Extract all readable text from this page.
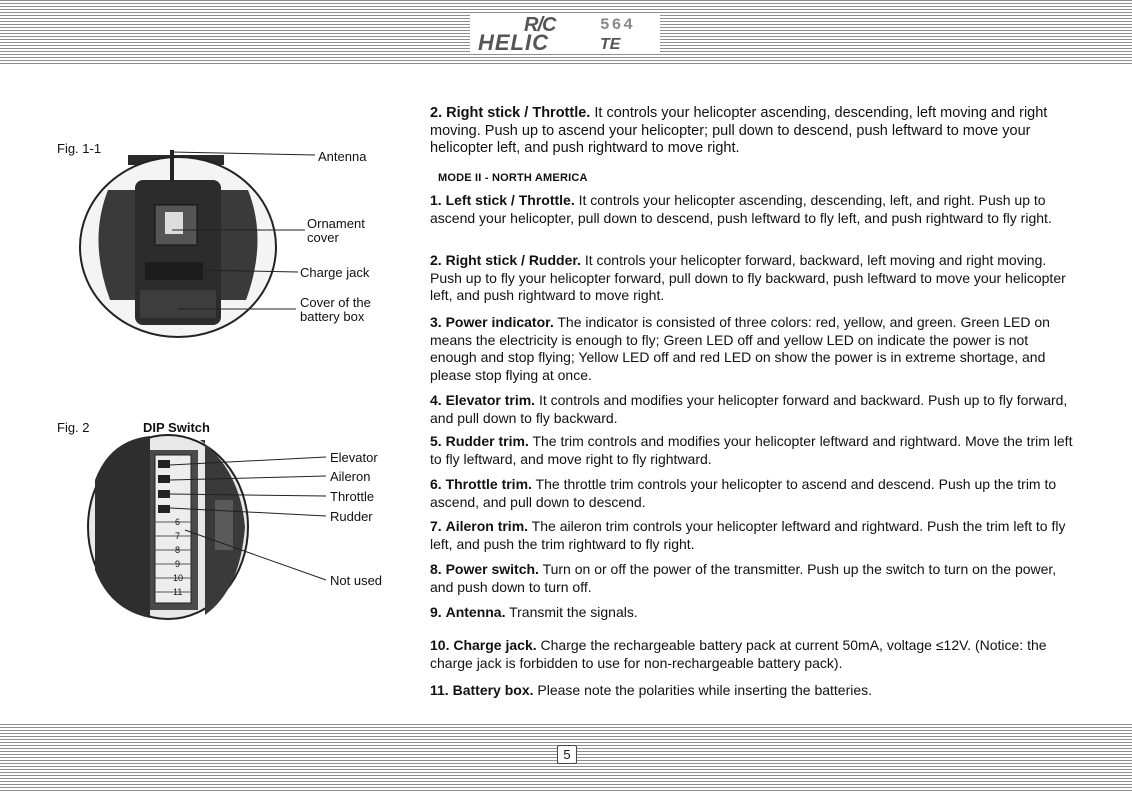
R/C
HELIC
564
TE
6
7
8
9
10
11
Fig. 1-1
Antenna
Ornament cover
Charge jack
Cover of the battery box
Fig. 2	DIP Switch
Elevator
Aileron
Throttle
Rudder
Not used
2. Right stick / Throttle. It controls your helicopter ascending, descending, left moving and right moving. Push up to ascend your helicopter; pull down to descend, push leftward to move your helicopter left, and push rightward to move right.
MODE II - NORTH AMERICA
1. Left stick / Throttle. It controls your helicopter ascending, descending, left, and right. Push up to ascend your helicopter, pull down to descend, push leftward to fly left, and push rightward to fly right.
2. Right stick / Rudder. It controls your helicopter forward, backward, left moving and right moving. Push up to fly your helicopter forward, pull down to fly backward, push leftward to move your helicopter left, and push rightward to move right.
3. Power indicator. The indicator is consisted of three colors: red, yellow, and green. Green LED on means the electricity is enough to fly; Green LED off and yellow LED on indicate the power is not enough and stop flying; Yellow LED off and red LED on show the power is in extreme shortage, and please stop flying at once.
4. Elevator trim. It controls and modifies your helicopter forward and backward. Push up to fly forward, and pull down to fly backward.
5. Rudder trim. The trim controls and modifies your helicopter leftward and rightward. Move the trim left to fly leftward, and move right to fly rightward.
6. Throttle trim. The throttle trim controls your helicopter to ascend and descend. Push up the trim to ascend, and pull down to descend.
7. Aileron trim. The aileron trim controls your helicopter leftward and rightward. Push the trim left to fly left, and push the trim rightward to fly right.
8. Power switch. Turn on or off the power of the transmitter. Push up the switch to turn on the power, and push down to turn off.
9. Antenna. Transmit the signals.
10. Charge jack. Charge the rechargeable battery pack at current 50mA, voltage ≤12V. (Notice: the charge jack is forbidden to use for non-rechargeable battery pack).
11. Battery box. Please note the polarities while inserting the batteries.
5
